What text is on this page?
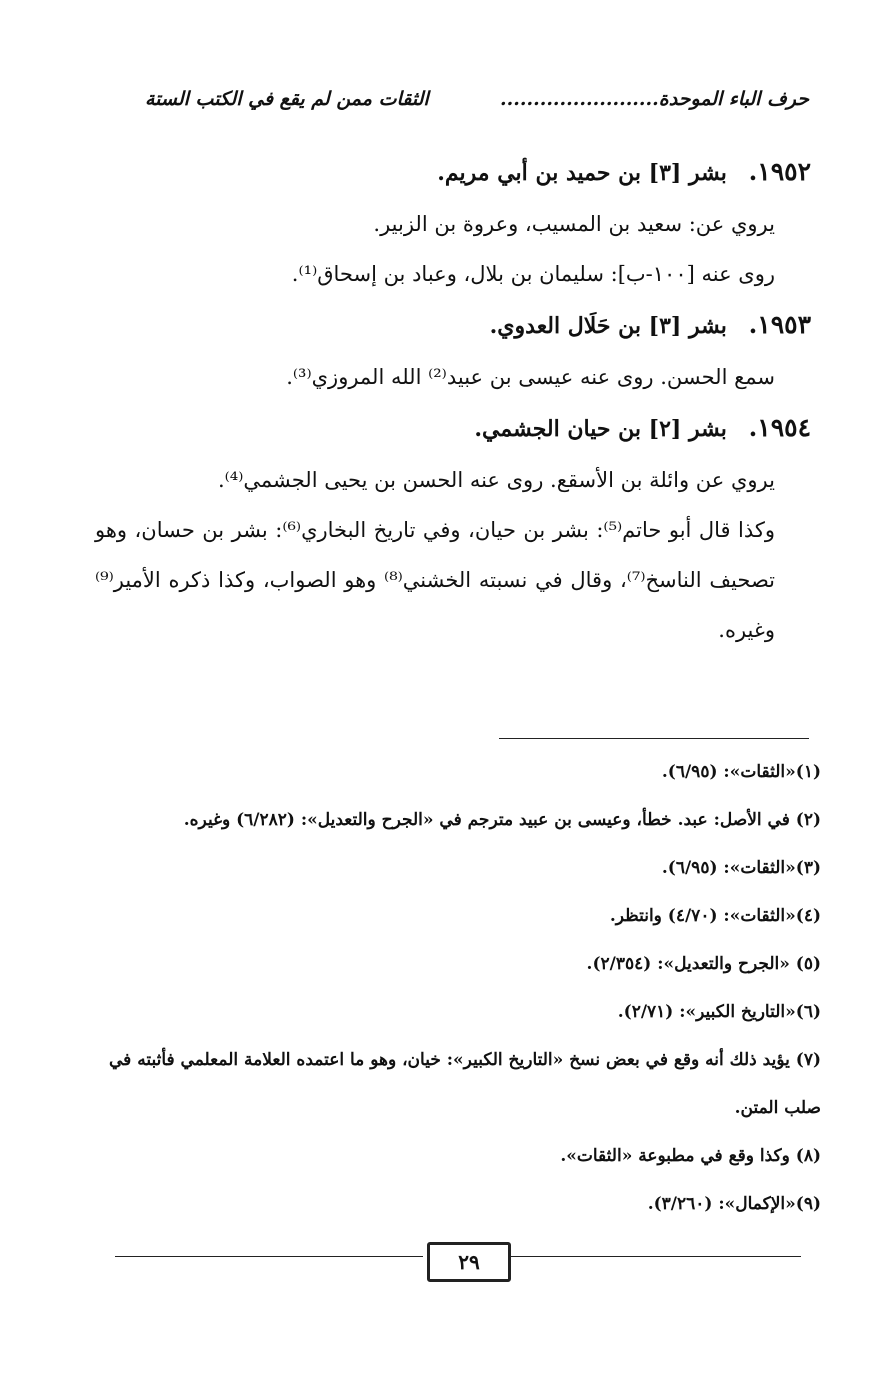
حرف الباء الموحدة........................
الثقات ممن لم يقع في الكتب الستة
١٩٥٢. بشر [٣] بن حميد بن أبي مريم.
يروي عن: سعيد بن المسيب، وعروة بن الزبير.
روى عنه [١٠٠-ب]: سليمان بن بلال، وعباد بن إسحاق⁽¹⁾.
١٩٥٣. بشر [٣] بن حَلَال العدوي.
سمع الحسن. روى عنه عيسى بن عبيد⁽²⁾ الله المروزي⁽³⁾.
١٩٥٤. بشر [٢] بن حيان الجشمي.
يروي عن وائلة بن الأسقع. روى عنه الحسن بن يحيى الجشمي⁽⁴⁾.
وكذا قال أبو حاتم⁽⁵⁾: بشر بن حيان، وفي تاريخ البخاري⁽⁶⁾: بشر بن حسان، وهو تصحيف الناسخ⁽⁷⁾، وقال في نسبته الخشني⁽⁸⁾ وهو الصواب، وكذا ذكره الأمير⁽⁹⁾ وغيره.
(١)«الثقات»: (٦/٩٥).
(٢) في الأصل: عبد. خطأ، وعيسى بن عبيد مترجم في «الجرح والتعديل»: (٦/٢٨٢) وغيره.
(٣)«الثقات»: (٦/٩٥).
(٤)«الثقات»: (٤/٧٠) وانتظر.
(٥) «الجرح والتعديل»: (٢/٣٥٤).
(٦)«التاريخ الكبير»: (٢/٧١).
(٧) يؤيد ذلك أنه وقع في بعض نسخ «التاريخ الكبير»: خيان، وهو ما اعتمده العلامة المعلمي فأثبته في صلب المتن.
(٨) وكذا وقع في مطبوعة «الثقات».
(٩)«الإكمال»: (٣/٢٦٠).
٢٩
